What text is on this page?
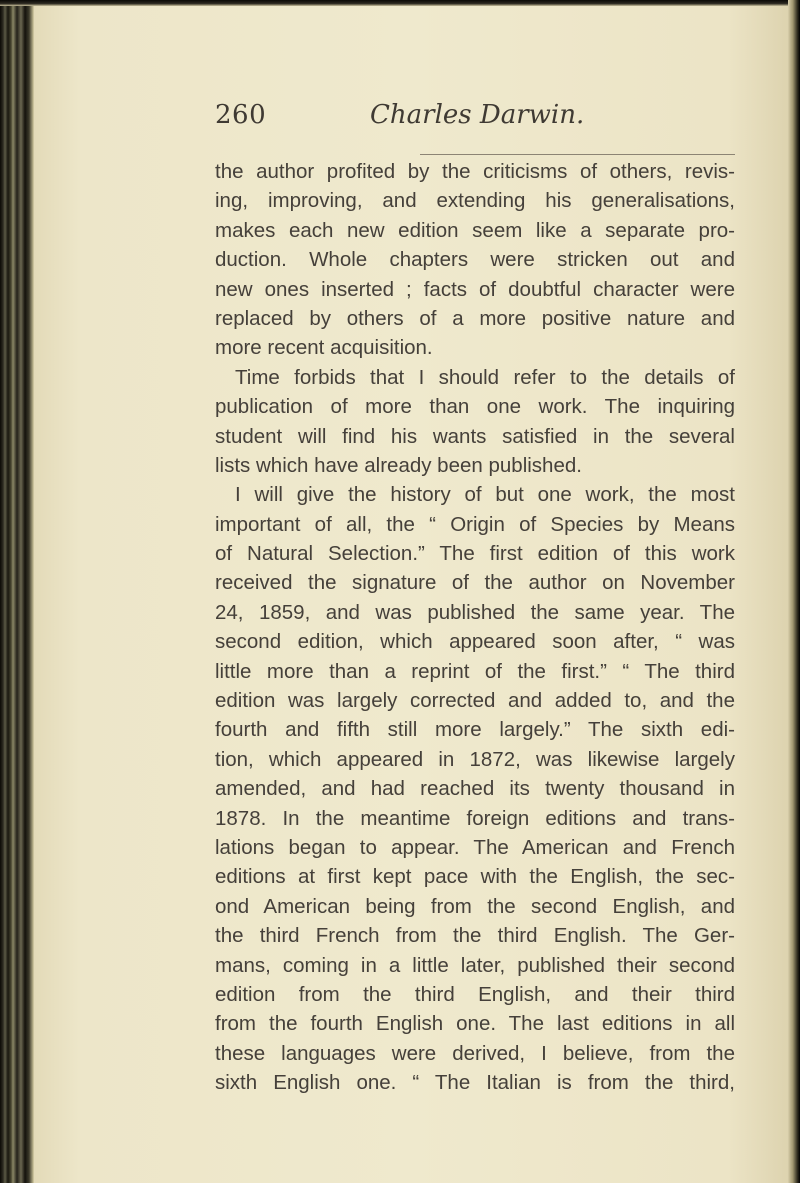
260	Charles Darwin.
the author profited by the criticisms of others, revis-
ing, improving, and extending his generalisations,
makes each new edition seem like a separate pro-
duction. Whole chapters were stricken out and
new ones inserted ; facts of doubtful character were
replaced by others of a more positive nature and
more recent acquisition.
Time forbids that I should refer to the details of
publication of more than one work. The inquiring
student will find his wants satisfied in the several
lists which have already been published.
I will give the history of but one work, the most
important of all, the “ Origin of Species by Means
of Natural Selection.” The first edition of this work
received the signature of the author on November
24, 1859, and was published the same year. The
second edition, which appeared soon after, “ was
little more than a reprint of the first.” “ The third
edition was largely corrected and added to, and the
fourth and fifth still more largely.” The sixth edi-
tion, which appeared in 1872, was likewise largely
amended, and had reached its twenty thousand in
1878. In the meantime foreign editions and trans-
lations began to appear. The American and French
editions at first kept pace with the English, the sec-
ond American being from the second English, and
the third French from the third English. The Ger-
mans, coming in a little later, published their second
edition from the third English, and their third
from the fourth English one. The last editions in all
these languages were derived, I believe, from the
sixth English one. “ The Italian is from the third,
